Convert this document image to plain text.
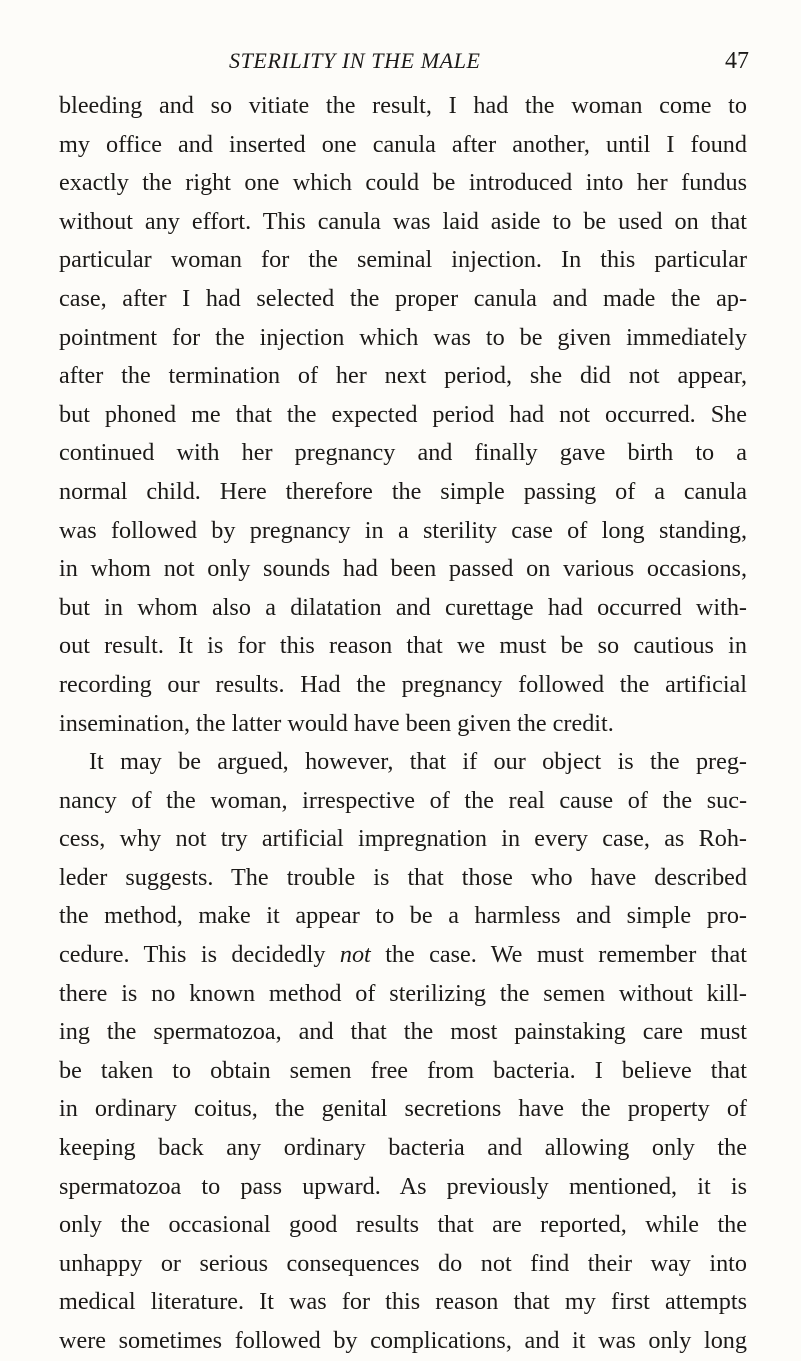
STERILITY IN THE MALE	47
bleeding and so vitiate the result, I had the woman come to
my office and inserted one canula after another, until I found
exactly the right one which could be introduced into her fundus
without any effort. This canula was laid aside to be used on that
particular woman for the seminal injection. In this particular
case, after I had selected the proper canula and made the ap-
pointment for the injection which was to be given immediately
after the termination of her next period, she did not appear,
but phoned me that the expected period had not occurred. She
continued with her pregnancy and finally gave birth to a
normal child. Here therefore the simple passing of a canula
was followed by pregnancy in a sterility case of long standing,
in whom not only sounds had been passed on various occasions,
but in whom also a dilatation and curettage had occurred with-
out result. It is for this reason that we must be so cautious in
recording our results. Had the pregnancy followed the artificial
insemination, the latter would have been given the credit.
It may be argued, however, that if our object is the preg-
nancy of the woman, irrespective of the real cause of the suc-
cess, why not try artificial impregnation in every case, as Roh-
leder suggests. The trouble is that those who have described
the method, make it appear to be a harmless and simple pro-
cedure. This is decidedly not the case. We must remember that
there is no known method of sterilizing the semen without kill-
ing the spermatozoa, and that the most painstaking care must
be taken to obtain semen free from bacteria. I believe that
in ordinary coitus, the genital secretions have the property of
keeping back any ordinary bacteria and allowing only the
spermatozoa to pass upward. As previously mentioned, it is
only the occasional good results that are reported, while the
unhappy or serious consequences do not find their way into
medical literature. It was for this reason that my first attempts
were sometimes followed by complications, and it was only long
